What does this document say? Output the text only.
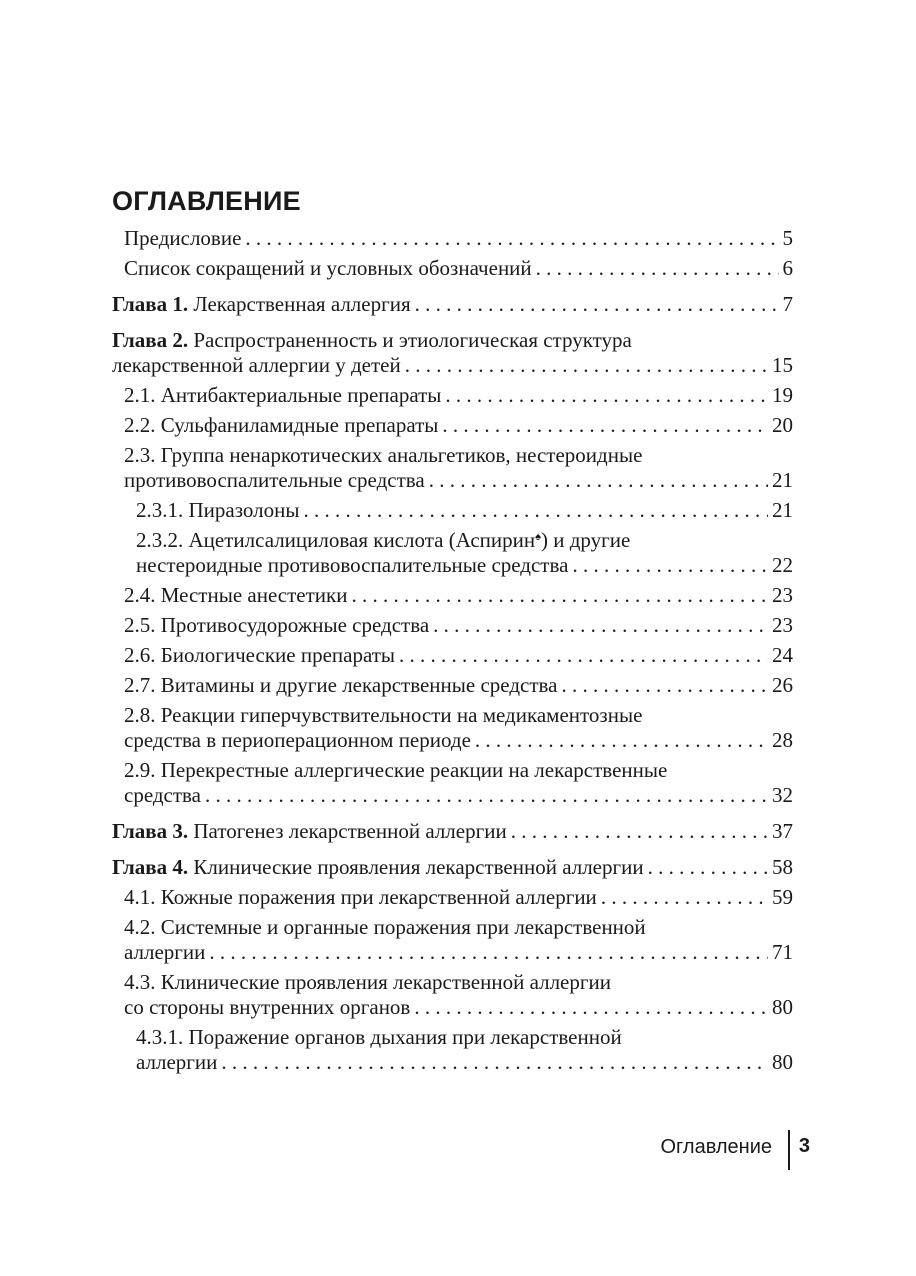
ОГЛАВЛЕНИЕ
Предисловие . . .	5
Список сокращений и условных обозначений . . .	6
Глава 1. Лекарственная аллергия . . .	7
Глава 2. Распространенность и этиологическая структура
лекарственной аллергии у детей . . .	15
2.1. Антибактериальные препараты . . .	19
2.2. Сульфаниламидные препараты . . .	20
2.3. Группа ненаркотических анальгетиков, нестероидные
противовоспалительные средства . . .	21
2.3.1. Пиразолоны . . .	21
2.3.2. Ацетилсалициловая кислота (Аспирин♠) и другие
нестероидные противовоспалительные средства . . .	22
2.4. Местные анестетики . . .	23
2.5. Противосудорожные средства . . .	23
2.6. Биологические препараты . . .	24
2.7. Витамины и другие лекарственные средства . . .	26
2.8. Реакции гиперчувствительности на медикаментозные
средства в периоперационном периоде . . .	28
2.9. Перекрестные аллергические реакции на лекарственные
средства . . .	32
Глава 3. Патогенез лекарственной аллергии . . .	37
Глава 4. Клинические проявления лекарственной аллергии . . .	58
4.1. Кожные поражения при лекарственной аллергии . . .	59
4.2. Системные и органные поражения при лекарственной
аллергии . . .	71
4.3. Клинические проявления лекарственной аллергии
со стороны внутренних органов . . .	80
4.3.1. Поражение органов дыхания при лекарственной
аллергии . . .	80
Оглавление 3
